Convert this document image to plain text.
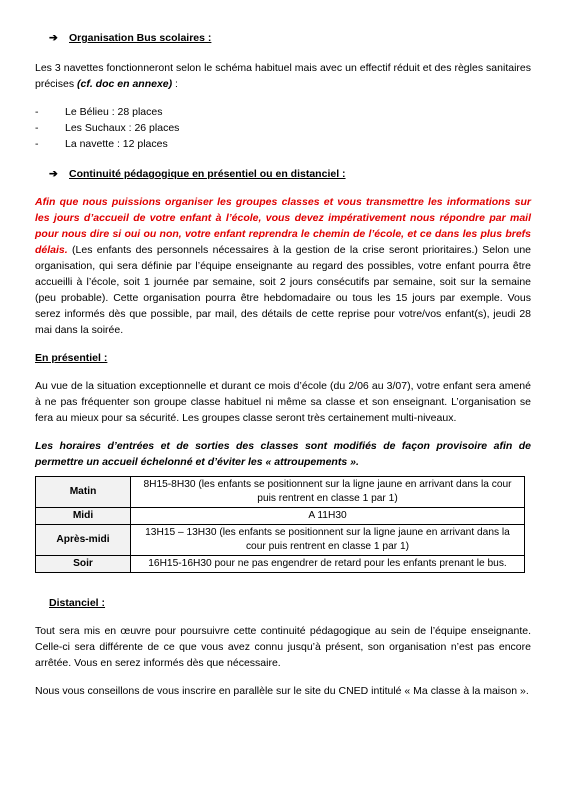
➔ Organisation Bus scolaires :

Les 3 navettes fonctionneront selon le schéma habituel mais avec un effectif réduit et des règles sanitaires précises (cf. doc en annexe) :

- Le Bélieu : 28 places
- Les Suchaux : 26 places
- La navette : 12 places
➔ Continuité pédagogique en présentiel ou en distanciel :

Afin que nous puissions organiser les groupes classes et vous transmettre les informations sur les jours d’accueil de votre enfant à l’école, vous devez impérativement nous répondre par mail pour nous dire si oui ou non, votre enfant reprendra le chemin de l’école, et ce dans les plus brefs délais. (Les enfants des personnels nécessaires à la gestion de la crise seront prioritaires.) Selon une organisation, qui sera définie par l’équipe enseignante au regard des possibles, votre enfant pourra être accueilli à l’école, soit 1 journée par semaine, soit 2 jours consécutifs par semaine, soit sur la semaine (peu probable). Cette organisation pourra être hebdomadaire ou tous les 15 jours par exemple. Vous serez informés dès que possible, par mail, des détails de cette reprise pour votre/vos enfant(s), jeudi 28 mai dans la soirée.

En présentiel :

Au vue de la situation exceptionnelle et durant ce mois d’école (du 2/06 au 3/07), votre enfant sera amené à ne pas fréquenter son groupe classe habituel ni même sa classe et son enseignant. L’organisation se fera au mieux pour sa sécurité. Les groupes classe seront très certainement multi-niveaux.

Les horaires d’entrées et de sorties des classes sont modifiés de façon provisoire afin de permettre un accueil échelonné et d’éviter les « attroupements ».

Matin	8H15-8H30 (les enfants se positionnent sur la ligne jaune en arrivant dans la cour puis rentrent en classe 1 par 1)
Midi	A 11H30
Après-midi	13H15 – 13H30 (les enfants se positionnent sur la ligne jaune en arrivant dans la cour puis rentrent en classe 1 par 1)
Soir	16H15-16H30 pour ne pas engendrer de retard pour les enfants prenant le bus.

Distanciel :

Tout sera mis en œuvre pour poursuivre cette continuité pédagogique au sein de l’équipe enseignante. Celle-ci sera différente de ce que vous avez connu jusqu’à présent, son organisation n’est pas encore arrêtée. Vous en serez informés dès que nécessaire.

Nous vous conseillons de vous inscrire en parallèle sur le site du CNED intitulé « Ma classe à la maison ».
